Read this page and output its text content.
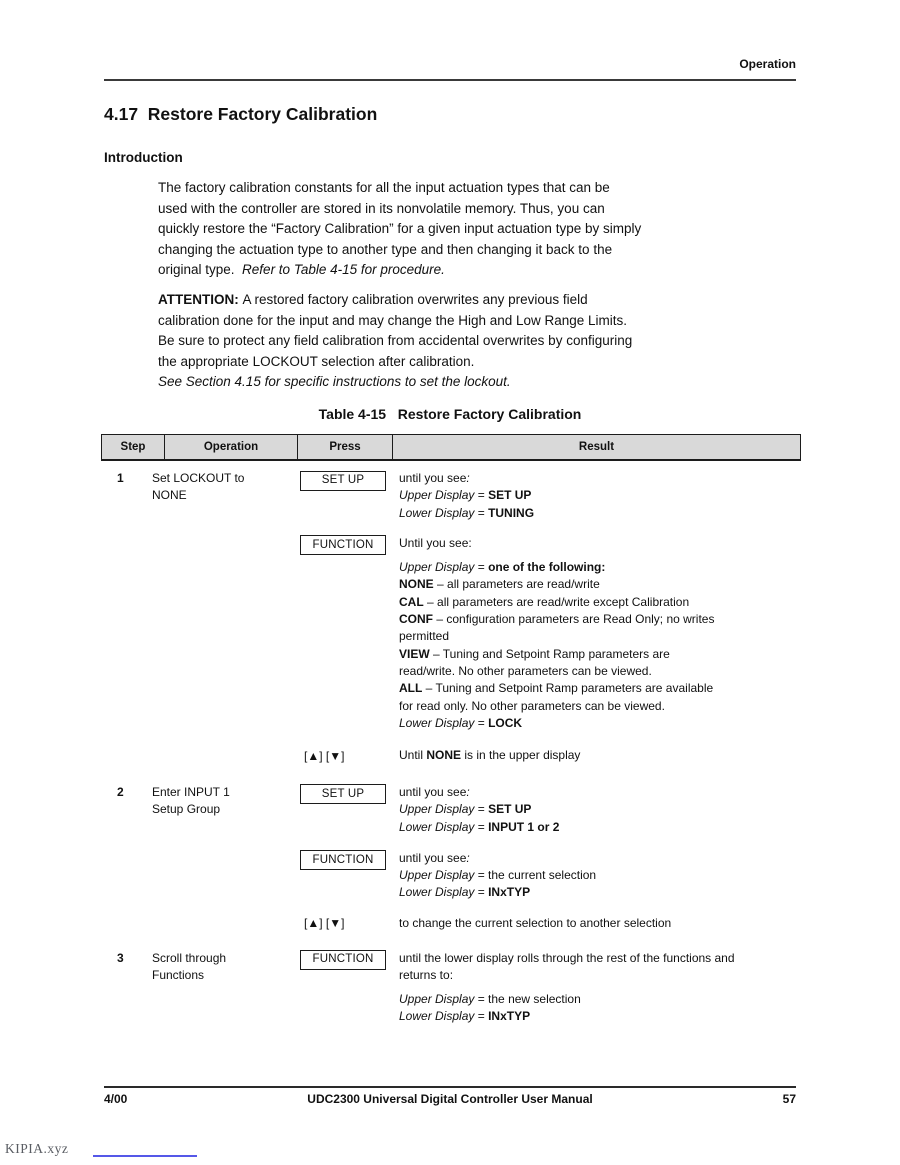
Operation
4.17  Restore Factory Calibration
Introduction
The factory calibration constants for all the input actuation types that can be
used with the controller are stored in its nonvolatile memory. Thus, you can
quickly restore the “Factory Calibration” for a given input actuation type by simply
changing the actuation type to another type and then changing it back to the
original type.  Refer to Table 4-15 for procedure.
ATTENTION: A restored factory calibration overwrites any previous field
calibration done for the input and may change the High and Low Range Limits.
Be sure to protect any field calibration from accidental overwrites by configuring
the appropriate LOCKOUT selection after calibration.
See Section 4.15 for specific instructions to set the lockout.
Table 4-15   Restore Factory Calibration
Step	Operation	Press	Result
1	Set LOCKOUT to
NONE
SET UP	until you see:
Upper Display = SET UP
Lower Display = TUNING
FUNCTION	Until you see:
Upper Display = one of the following:
NONE – all parameters are read/write
CAL – all parameters are read/write except Calibration
CONF – configuration parameters are Read Only; no writes
permitted
VIEW – Tuning and Setpoint Ramp parameters are
read/write. No other parameters can be viewed.
ALL – Tuning and Setpoint Ramp parameters are available
for read only. No other parameters can be viewed.
Lower Display = LOCK
[▲] [▼]	Until NONE is in the upper display
2	Enter INPUT 1
Setup Group
SET UP	until you see:
Upper Display = SET UP
Lower Display = INPUT 1 or 2
FUNCTION	until you see:
Upper Display = the current selection
Lower Display = INxTYP
[▲] [▼]	to change the current selection to another selection
3	Scroll through
Functions
FUNCTION	until the lower display rolls through the rest of the functions and
returns to:
Upper Display = the new selection
Lower Display = INxTYP
4/00	UDC2300 Universal Digital Controller User Manual	57
KIPIA.xyz
